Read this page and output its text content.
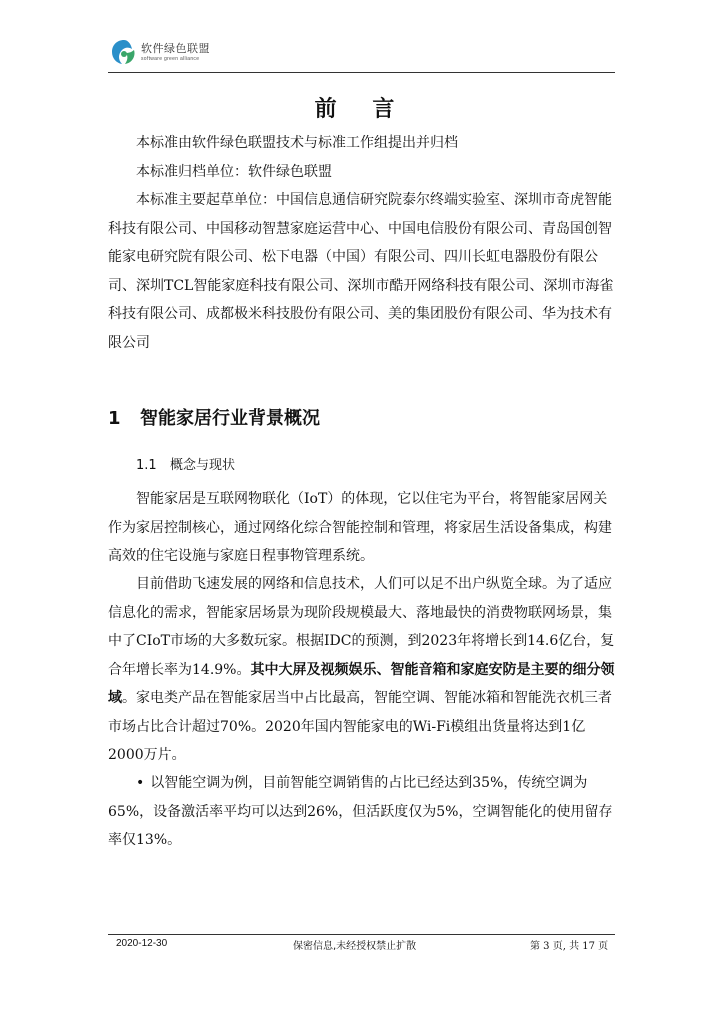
软件绿色联盟
software green alliance
前 言

本标准由软件绿色联盟技术与标准工作组提出并归档

本标准归档单位：软件绿色联盟

本标准主要起草单位：中国信息通信研究院泰尔终端实验室、深圳市奇虎智能科技有限公司、中国移动智慧家庭运营中心、中国电信股份有限公司、青岛国创智能家电研究院有限公司、松下电器（中国）有限公司、四川长虹电器股份有限公司、深圳TCL智能家庭科技有限公司、深圳市酷开网络科技有限公司、深圳市海雀科技有限公司、成都极米科技股份有限公司、美的集团股份有限公司、华为技术有限公司

1 智能家居行业背景概况
1.1 概念与现状

智能家居是互联网物联化（IoT）的体现，它以住宅为平台，将智能家居网关作为家居控制核心，通过网络化综合智能控制和管理，将家居生活设备集成，构建高效的住宅设施与家庭日程事物管理系统。

目前借助飞速发展的网络和信息技术，人们可以足不出户纵览全球。为了适应信息化的需求，智能家居场景为现阶段规模最大、落地最快的消费物联网场景，集中了CIoT市场的大多数玩家。根据IDC的预测，到2023年将增长到14.6亿台，复合年增长率为14.9%。其中大屏及视频娱乐、智能音箱和家庭安防是主要的细分领域。家电类产品在智能家居当中占比最高，智能空调、智能冰箱和智能洗衣机三者市场占比合计超过70%。2020年国内智能家电的Wi-Fi模组出货量将达到1亿2000万片。

• 以智能空调为例，目前智能空调销售的占比已经达到35%，传统空调为65%，设备激活率平均可以达到26%，但活跃度仅为5%，空调智能化的使用留存率仅13%。

2020-12-30	保密信息,未经授权禁止扩散	第 3 页, 共 17 页
